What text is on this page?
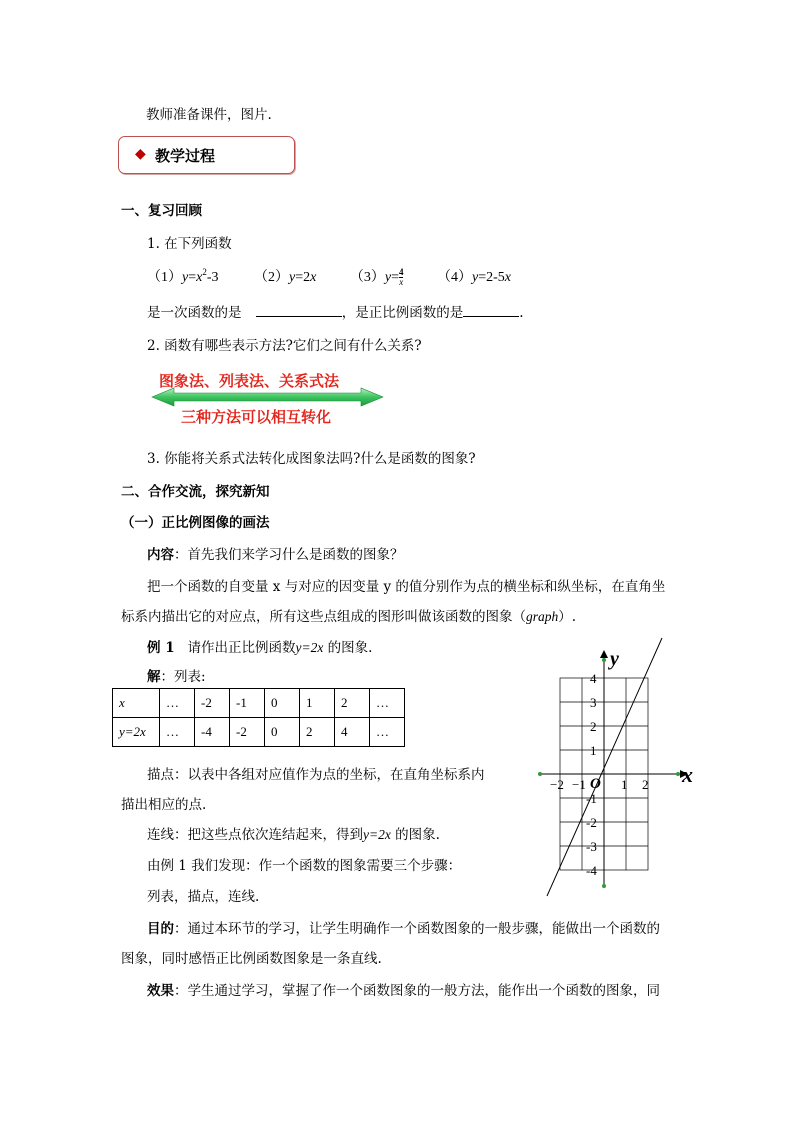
教师准备课件，图片.
◆ 教学过程
一、复习回顾
1. 在下列函数
$(1)y=x^2-3$	（2）y=2x $(3)y= \frac{4}{x} (4)y=2-5x$
是一次函数的是	，是正比例函数的是	.
2. 函数有哪些表示方法?它们之间有什么关系?
图象法、列表法、关系式法
三种方法可以相互转化
3. 你能将关系式法转化成图象法吗?什么是函数的图象?
二、合作交流，探究新知
（一）正比例图像的画法
内容：首先我们来学习什么是函数的图象？
把一个函数的自变量 x 与对应的因变量 y 的值分别作为点的横坐标和纵坐标，在直角坐
标系内描出它的对应点，所有这些点组成的图形叫做该函数的图象（graph）.
例 1 请作出正比例函数y=2x 的图象.
解：列表:
x	…	-2	-1	0	1	2	…
y=2x	…	-4	-2	0	2	4	…
描点：以表中各组对应值作为点的坐标，在直角坐标系内
描出相应的点.
连线：把这些点依次连结起来，得到y=2x 的图象.
由例 1 我们发现：作一个函数的图象需要三个步骤：
列表，描点，连线.
目的：通过本环节的学习，让学生明确作一个函数图象的一般步骤，能做出一个函数的
图象，同时感悟正比例函数图象是一条直线.
效果：学生通过学习，掌握了作一个函数图象的一般方法，能作出一个函数的图象，同
y
x
O
4
3
2
1
-1
-2
-3
-4
−2 −1	1 2
